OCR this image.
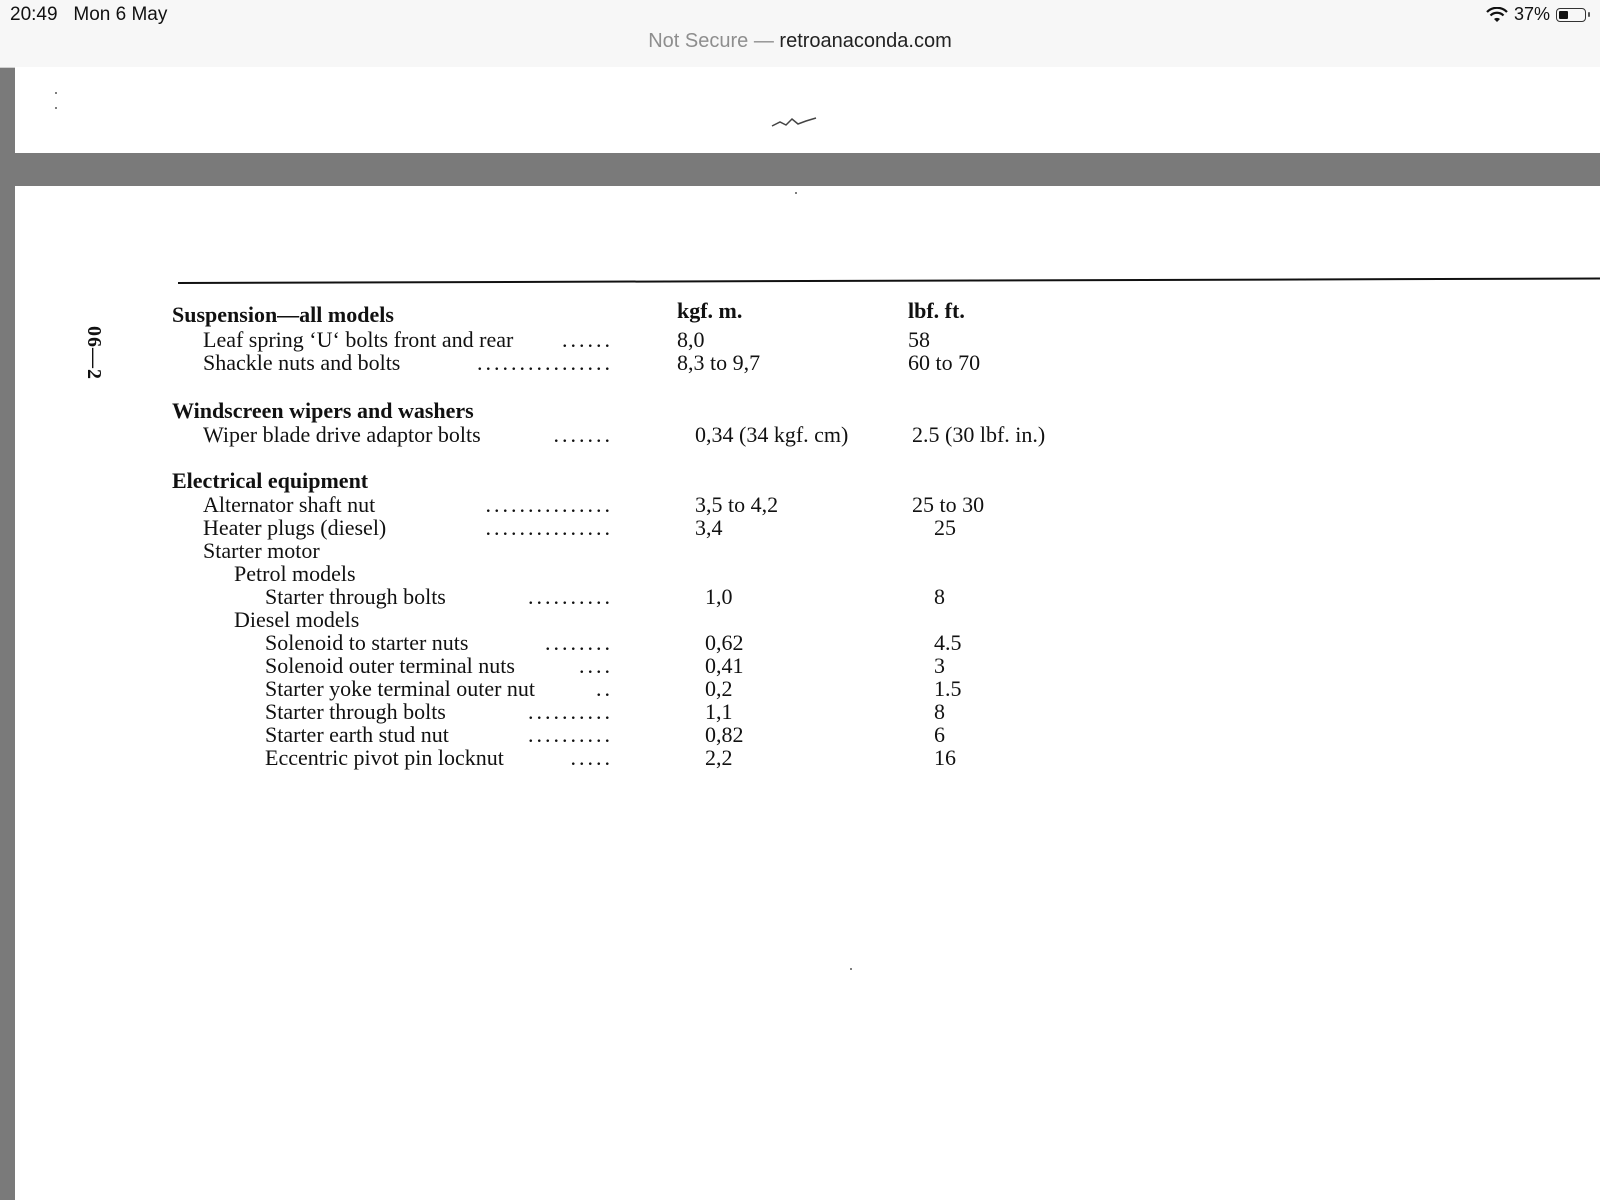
20:49 Mon 6 May	37%
Not Secure — retroanaconda.com
06—2
kgf. m.	lbf. ft.
Suspension—all models
Leaf spring ‘U‘ bolts front and rear ......	8,0	58
Shackle nuts and bolts	................	8,3 to 9,7	60 to 70
Windscreen wipers and washers
Wiper blade drive adaptor bolts	.......	0,34 (34 kgf. cm)	2.5 (30 lbf. in.)
Electrical equipment
Alternator shaft nut	...............	3,5 to 4,2	25 to 30
Heater plugs (diesel)	...............	3,4	25
Starter motor
Petrol models
Starter through bolts	..........	1,0	8
Diesel models
Solenoid to starter nuts	........	0,62	4.5
Solenoid outer terminal nuts	....	0,41	3
Starter yoke terminal outer nut	..	0,2	1.5
Starter through bolts	..........	1,1	8
Starter earth stud nut	..........	0,82	6
Eccentric pivot pin locknut	.....	2,2	16
